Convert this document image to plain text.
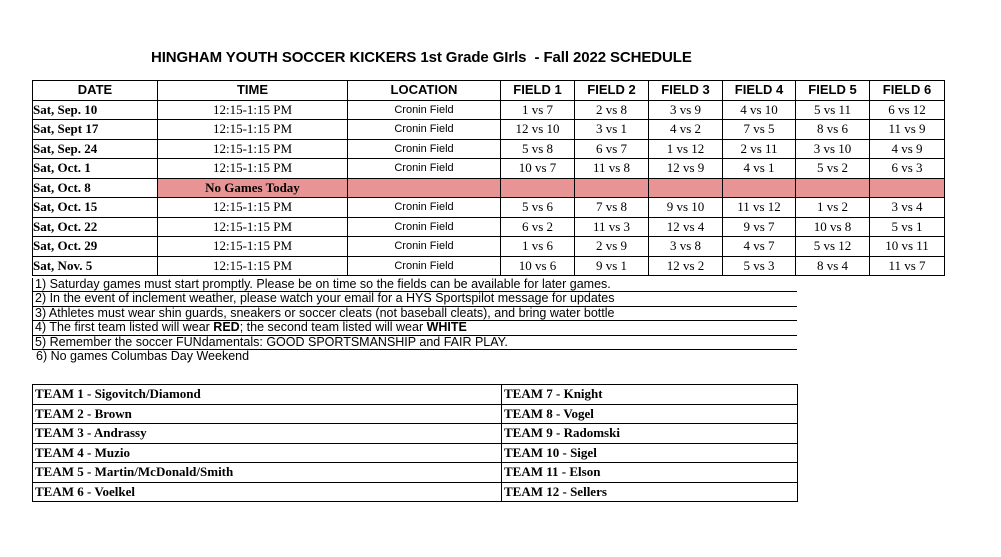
HINGHAM YOUTH SOCCER KICKERS 1st Grade GIrls  - Fall 2022 SCHEDULE
DATE	TIME	LOCATION	FIELD 1	FIELD 2	FIELD 3	FIELD 4	FIELD 5	FIELD 6
Sat, Sep. 10	12:15-1:15 PM	Cronin Field	1 vs 7	2 vs 8	3 vs 9	4 vs 10	5 vs 11	6 vs 12
Sat, Sept 17	12:15-1:15 PM	Cronin Field	12 vs 10	3 vs 1	4 vs 2	7 vs 5	8 vs 6	11 vs 9
Sat, Sep. 24	12:15-1:15 PM	Cronin Field	5 vs 8	6 vs 7	1 vs 12	2 vs 11	3 vs 10	4 vs 9
Sat, Oct. 1	12:15-1:15 PM	Cronin Field	10 vs 7	11 vs 8	12 vs 9	4 vs 1	5 vs 2	6 vs 3
Sat, Oct. 8	No Games Today							
Sat, Oct. 15	12:15-1:15 PM	Cronin Field	5 vs 6	7 vs 8	9 vs 10	11 vs 12	1 vs 2	3 vs 4
Sat, Oct. 22	12:15-1:15 PM	Cronin Field	6 vs 2	11 vs 3	12 vs 4	9 vs 7	10 vs 8	5 vs 1
Sat, Oct. 29	12:15-1:15 PM	Cronin Field	1 vs 6	2 vs 9	3 vs 8	4 vs 7	5 vs 12	10 vs 11
Sat, Nov. 5	12:15-1:15 PM	Cronin Field	10 vs 6	9 vs 1	12 vs 2	5 vs 3	8 vs 4	11 vs 7
1) Saturday games must start promptly. Please be on time so the fields can be available for later games.
2) In the event of inclement weather, please watch your email for a HYS Sportspilot message for updates
3) Athletes must wear shin guards, sneakers or soccer cleats (not baseball cleats), and bring water bottle
4) The first team listed will wear RED; the second team listed will wear WHITE
5) Remember the soccer FUNdamentals: GOOD SPORTSMANSHIP and FAIR PLAY.
6) No games Columbas Day Weekend
TEAM 1 - Sigovitch/Diamond	TEAM 7 - Knight
TEAM 2 - Brown	TEAM 8 - Vogel
TEAM 3 - Andrassy	TEAM 9 - Radomski
TEAM 4 - Muzio	TEAM 10 - Sigel
TEAM 5 - Martin/McDonald/Smith	TEAM 11 - Elson
TEAM 6 - Voelkel	TEAM 12 - Sellers
